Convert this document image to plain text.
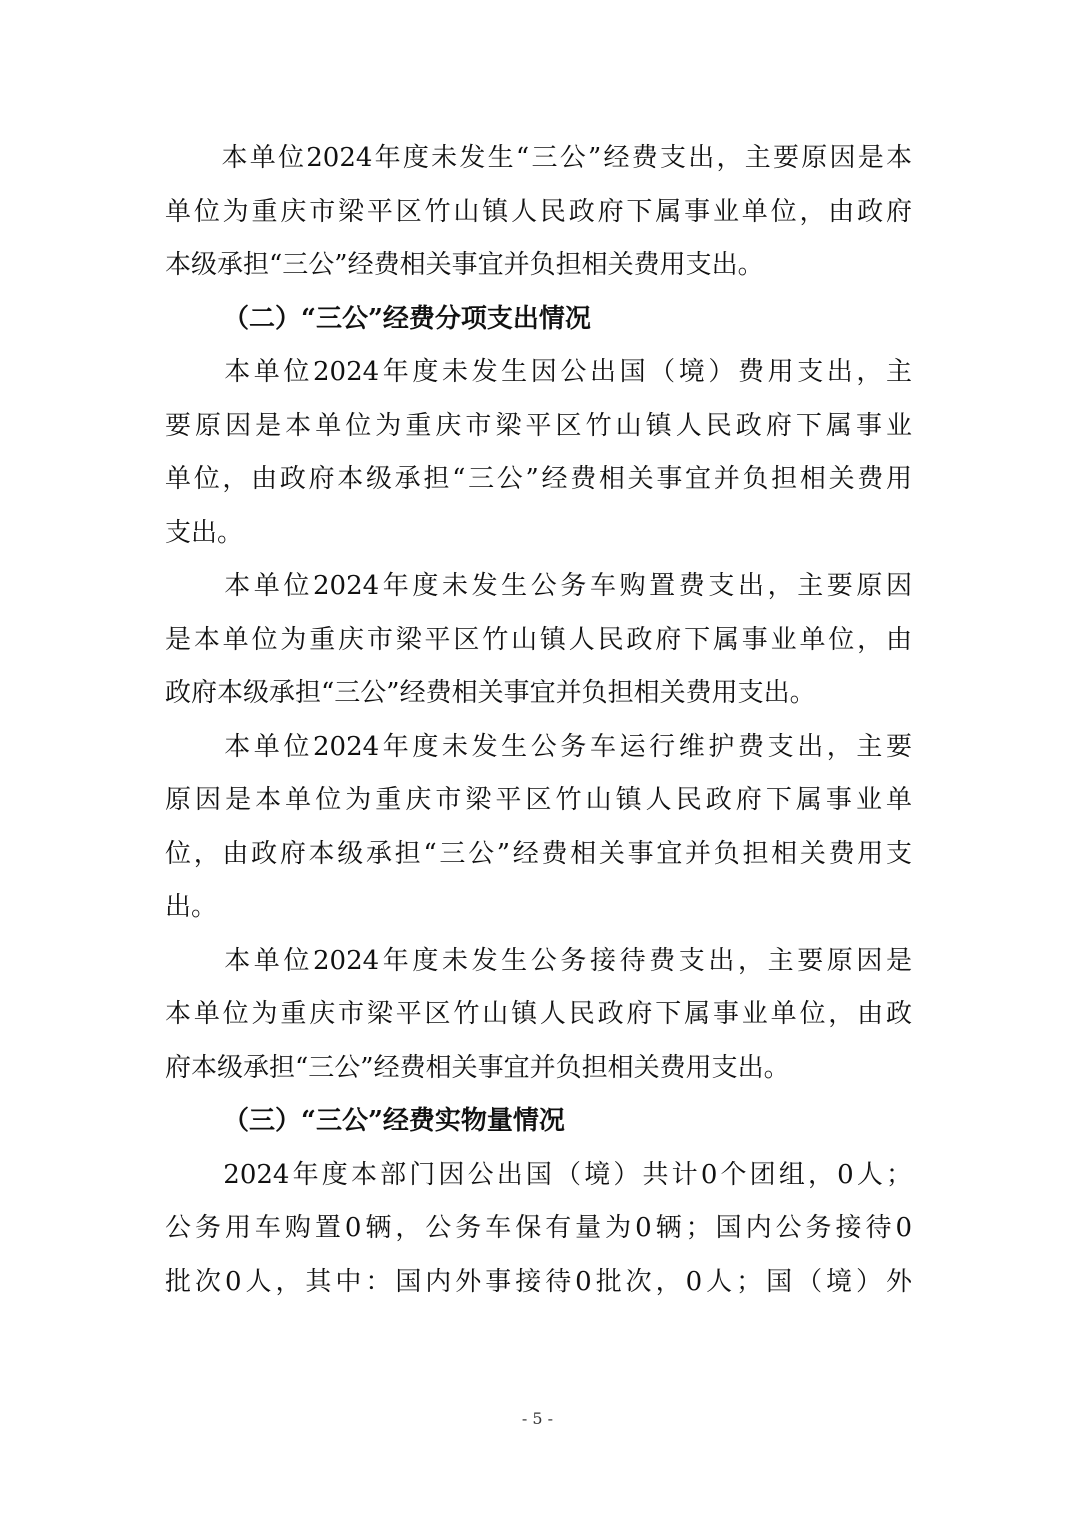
　　本单位2024年度未发生“三公”经费支出，主要原因是本

单位为重庆市梁平区竹山镇人民政府下属事业单位，由政府

本级承担“三公”经费相关事宜并负担相关费用支出。

（二）“三公”经费分项支出情况

　　本单位2024年度未发生因公出国（境）费用支出，主

要原因是本单位为重庆市梁平区竹山镇人民政府下属事业

单位，由政府本级承担“三公”经费相关事宜并负担相关费用

支出。

　　本单位2024年度未发生公务车购置费支出，主要原因

是本单位为重庆市梁平区竹山镇人民政府下属事业单位，由

政府本级承担“三公”经费相关事宜并负担相关费用支出。

　　本单位2024年度未发生公务车运行维护费支出，主要

原因是本单位为重庆市梁平区竹山镇人民政府下属事业单

位，由政府本级承担“三公”经费相关事宜并负担相关费用支

出。

　　本单位2024年度未发生公务接待费支出，主要原因是

本单位为重庆市梁平区竹山镇人民政府下属事业单位，由政

府本级承担“三公”经费相关事宜并负担相关费用支出。

（三）“三公”经费实物量情况

　　2024年度本部门因公出国（境）共计0个团组，0人；

公务用车购置0辆，公务车保有量为0辆；国内公务接待0

批次0人，其中：国内外事接待0批次，0人；国（境）外

- 5 -
